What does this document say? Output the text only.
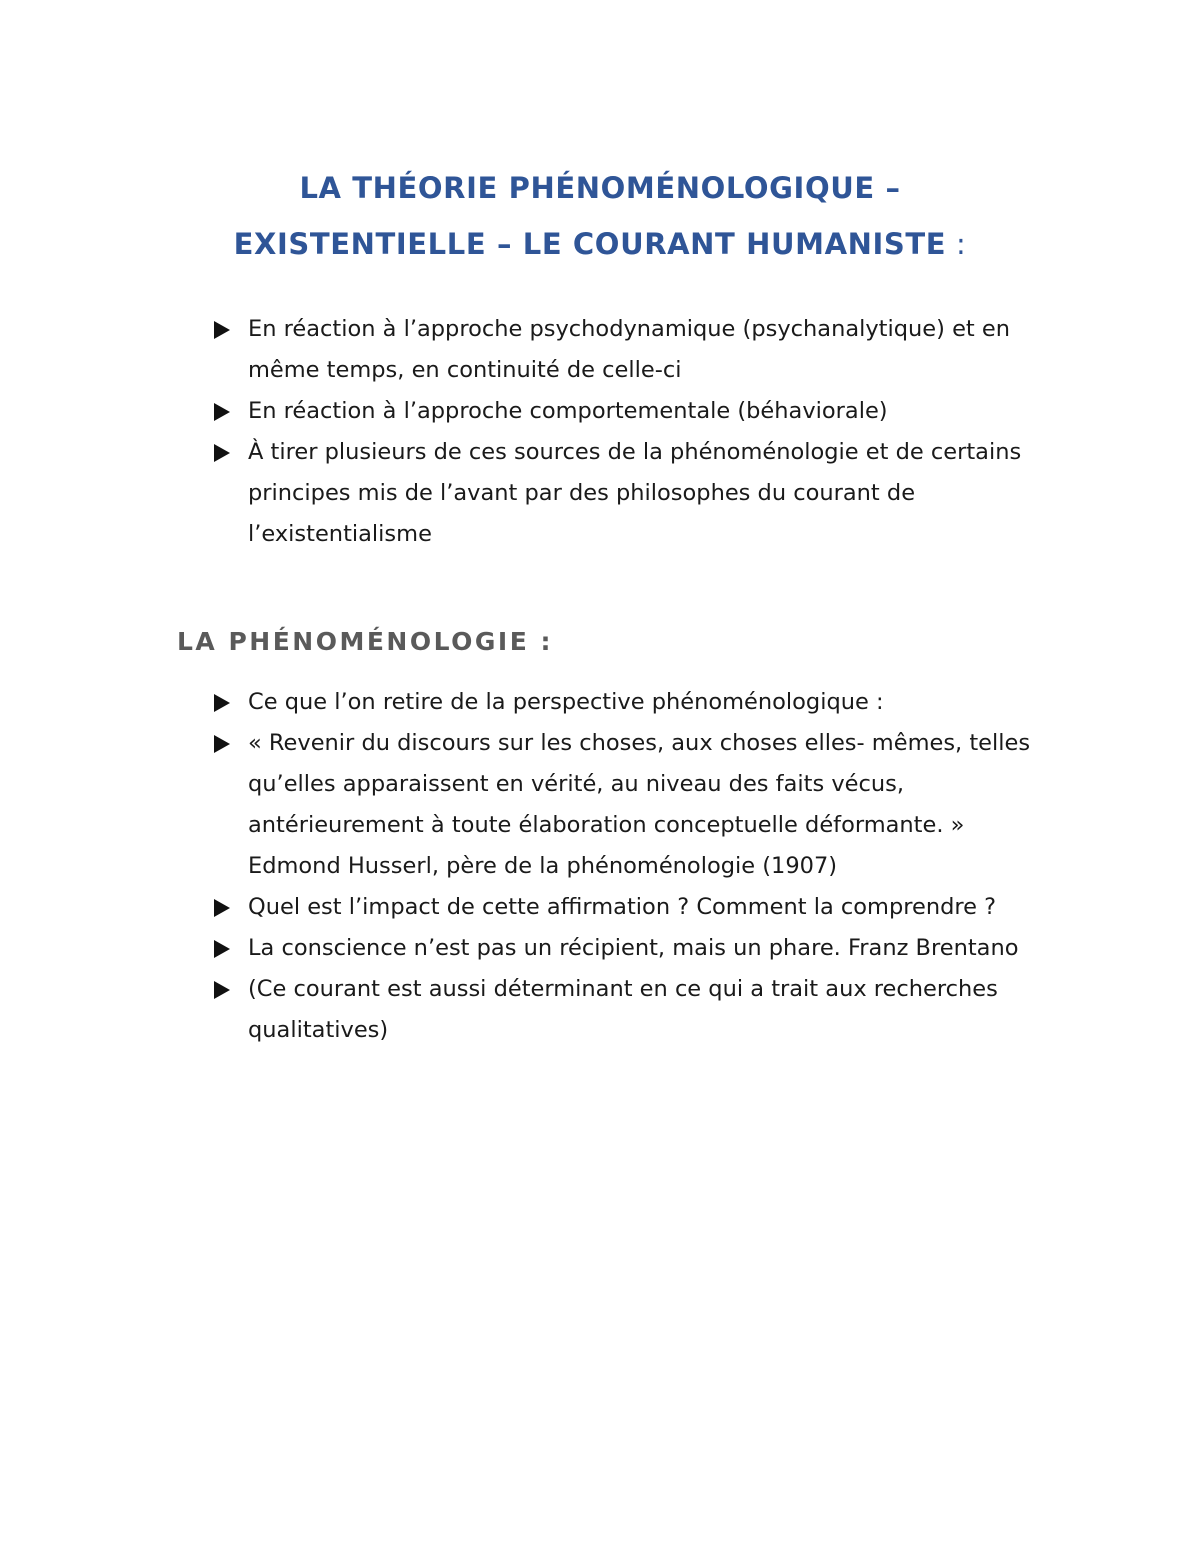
LA THÉORIE PHÉNOMÉNOLOGIQUE –
EXISTENTIELLE – LE COURANT HUMANISTE :
En réaction à l’approche psychodynamique (psychanalytique) et en même temps, en continuité de celle-ci
En réaction à l’approche comportementale (béhaviorale)
À tirer plusieurs de ces sources de la phénoménologie et de certains principes mis de l’avant par des philosophes du courant de l’existentialisme
LA PHÉNOMÉNOLOGIE :
Ce que l’on retire de la perspective phénoménologique :
« Revenir du discours sur les choses, aux choses elles- mêmes, telles qu’elles apparaissent en vérité, au niveau des faits vécus, antérieurement à toute élaboration conceptuelle déformante. » Edmond Husserl, père de la phénoménologie (1907)
Quel est l’impact de cette affirmation ? Comment la comprendre ?
La conscience n’est pas un récipient, mais un phare. Franz Brentano
(Ce courant est aussi déterminant en ce qui a trait aux recherches qualitatives)
